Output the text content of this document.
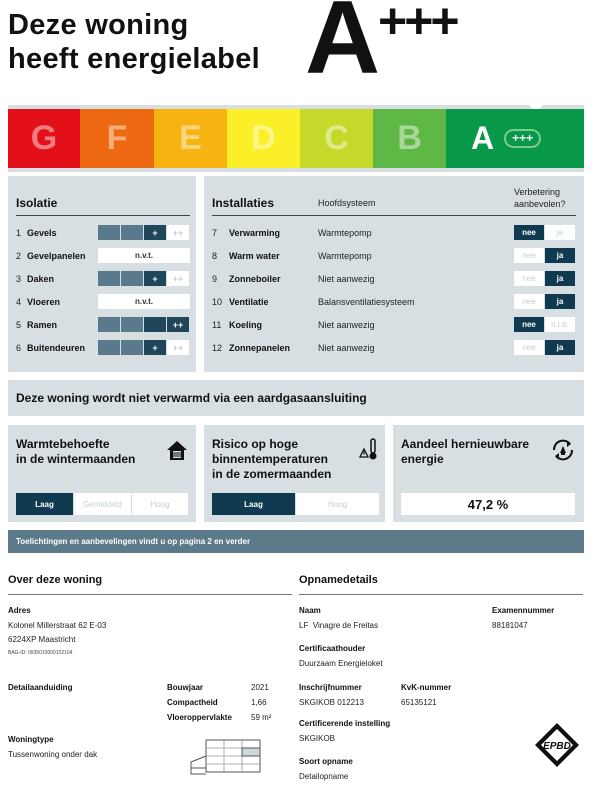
Deze woning
heeft energielabel A
+++
G F E D C B A	+++
Isolatie
1 Gevels	+	++
2 Gevelpanelen	n.v.t.
3 Daken	+	++
4 Vloeren	n.v.t.
5 Ramen	++
6 Buitendeuren	+	++
Installaties	Hoofdsysteem
Verbetering
aanbevolen?
7 Verwarming	Warmtepomp	nee	ja
8 Warm water	Warmtepomp	nee	ja
9 Zonneboiler	Niet aanwezig	nee	ja
10 Ventilatie	Balansventilatiesysteem	nee	ja
11 Koeling	Niet aanwezig	nee	n.t.b.
12 Zonnepanelen	Niet aanwezig	nee	ja
Deze woning wordt niet verwarmd via een aardgasaansluiting
Warmtebehoefte
in de wintermaanden
Laag	Gemiddeld	Hoog
Risico op hoge
binnentemperaturen
in de zomermaanden
Laag	Hoog
Aandeel hernieuwbare
energie
47,2 %
Toelichtingen en aanbevelingen vindt u op pagina 2 en verder
Over deze woning
Adres
Kolonel Millerstraat 62 E-03
6224XP Maastricht
BAG-ID: 0935010000102104
Detailaanduiding	Bouwjaar	2021
Compactheid	1,66
Vloeroppervlakte 59 m²
Woningtype
Tussenwoning onder dak
Opnamedetails
Naam
LF  Vinagre de Freitas
Examennummer
88181047
Certificaathouder
Duurzaam Energieloket
Inschrijfnummer
SKGIKOB 012213
KvK-nummer
65135121
Certificerende instelling
SKGIKOB
Soort opname
Detailopname
EPBD
